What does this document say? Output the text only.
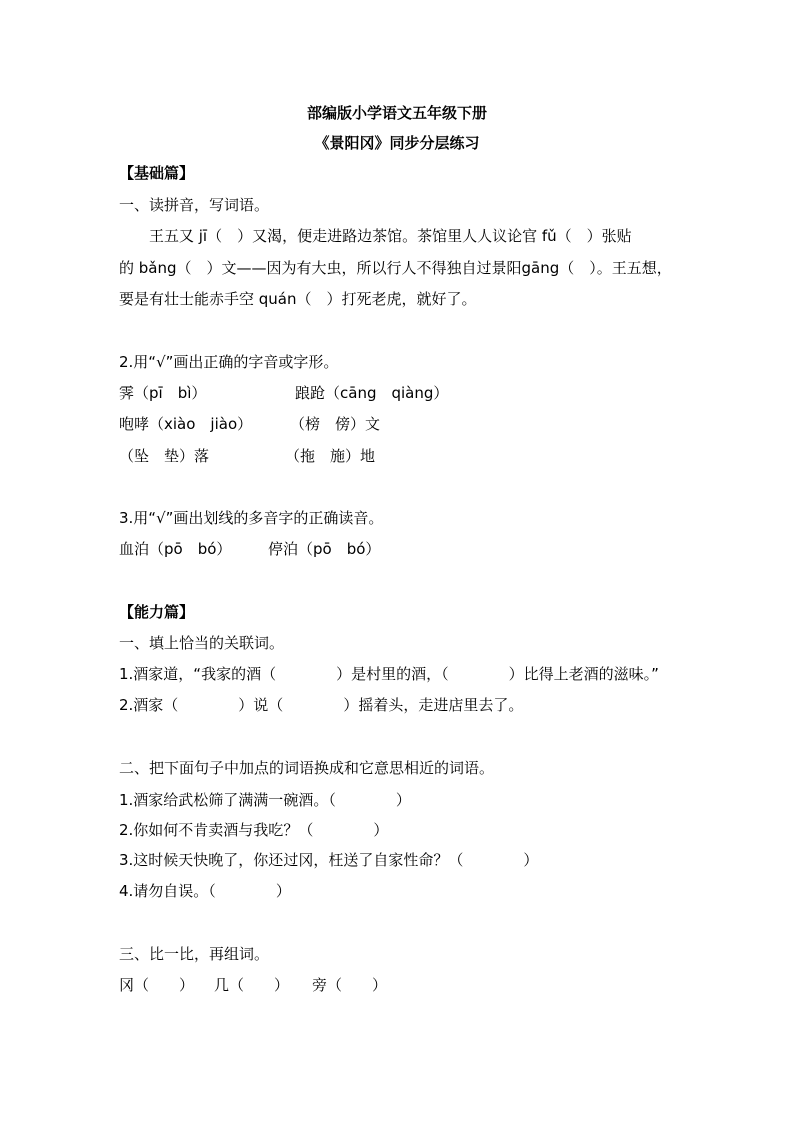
部编版小学语文五年级下册
《景阳冈》同步分层练习
【基础篇】
一、读拼音，写词语。
　　王五又 jī（　）又渴，便走进路边茶馆。茶馆里人人议论官 fǔ（　）张贴
的 bǎng（　）文——因为有大虫，所以行人不得独自过景阳gāng（　）。王五想，
要是有壮士能赤手空 quán（　）打死老虎，就好了。
2.用“√”画出正确的字音或字形。
霁（pī　bì）	踉跄（cāng　qiàng）
咆哮（xiào　jiào）	（榜　傍）文
（坠　垫）落	（拖　施）地
3.用“√”画出划线的多音字的正确读音。
血泊（pō　bó） 停泊（pō　bó）
【能力篇】
一、填上恰当的关联词。
1.酒家道，“我家的酒（　　　　）是村里的酒，（　　　　）比得上老酒的滋味。”
2.酒家（　　　　）说（　　　　）摇着头，走进店里去了。
二、把下面句子中加点的词语换成和它意思相近的词语。
1.酒家给武松筛了满满一碗酒。（　　　　）
2.你如何不肯卖酒与我吃？（　　　　）
3.这时候天快晚了，你还过冈，枉送了自家性命？（　　　　）
4.请勿自误。（　　　　）
三、比一比，再组词。
冈（　　） 几（　　） 旁（　　）
